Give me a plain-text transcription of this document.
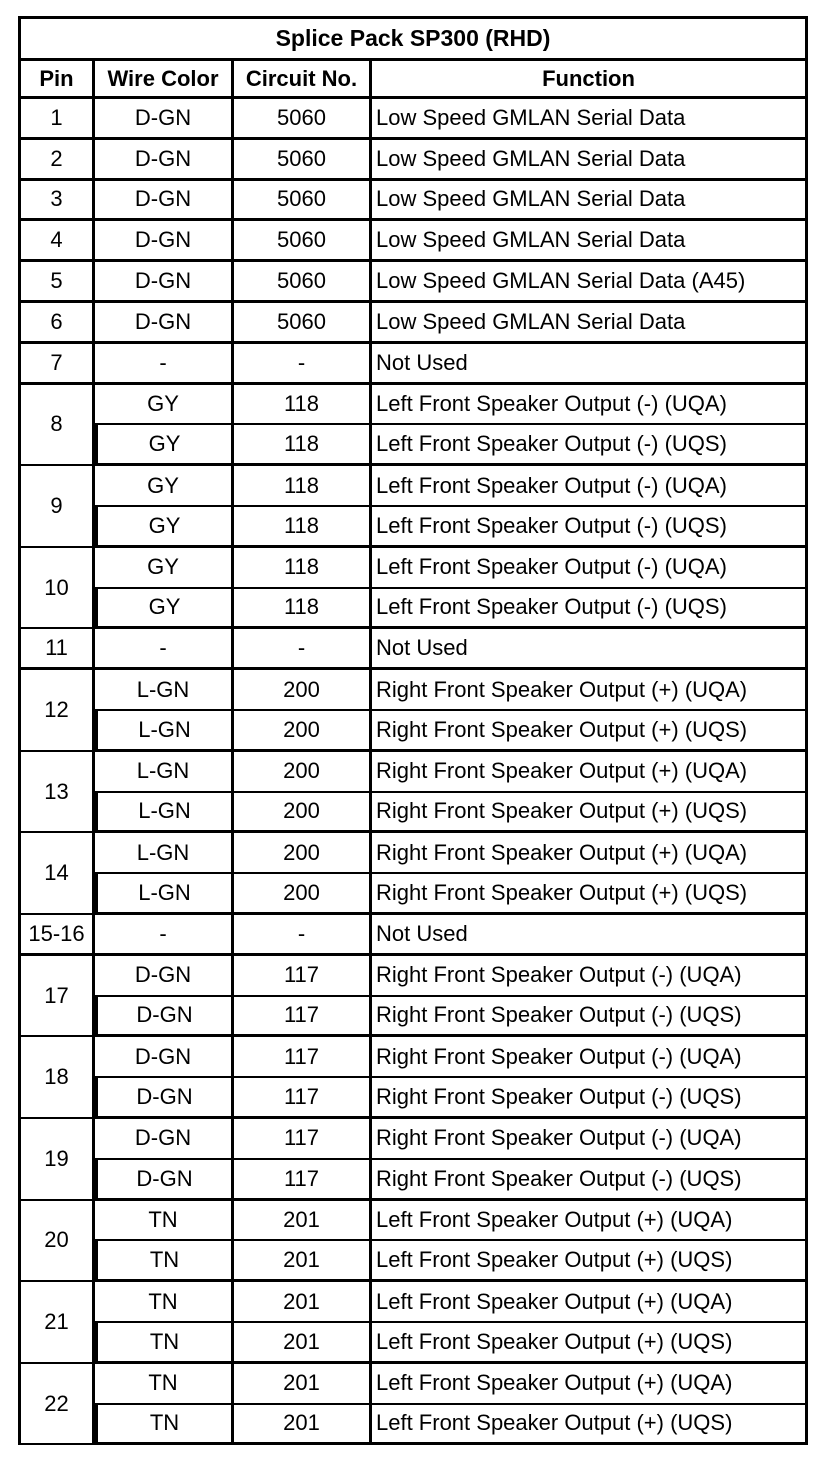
Splice Pack SP300 (RHD)			
Pin	Wire Color	Circuit No.	Function
1	D-GN	5060	Low Speed GMLAN Serial Data
2	D-GN	5060	Low Speed GMLAN Serial Data
3	D-GN	5060	Low Speed GMLAN Serial Data
4	D-GN	5060	Low Speed GMLAN Serial Data
5	D-GN	5060	Low Speed GMLAN Serial Data (A45)
6	D-GN	5060	Low Speed GMLAN Serial Data
7	-	-	Not Used
8	GY	118	Left Front Speaker Output (-) (UQA)
	GY	118	Left Front Speaker Output (-) (UQS)
9	GY	118	Left Front Speaker Output (-) (UQA)
	GY	118	Left Front Speaker Output (-) (UQS)
10	GY	118	Left Front Speaker Output (-) (UQA)
	GY	118	Left Front Speaker Output (-) (UQS)
11	-	-	Not Used
12	L-GN	200	Right Front Speaker Output (+) (UQA)
	L-GN	200	Right Front Speaker Output (+) (UQS)
13	L-GN	200	Right Front Speaker Output (+) (UQA)
	L-GN	200	Right Front Speaker Output (+) (UQS)
14	L-GN	200	Right Front Speaker Output (+) (UQA)
	L-GN	200	Right Front Speaker Output (+) (UQS)
15-16	-	-	Not Used
17	D-GN	117	Right Front Speaker Output (-) (UQA)
	D-GN	117	Right Front Speaker Output (-) (UQS)
18	D-GN	117	Right Front Speaker Output (-) (UQA)
	D-GN	117	Right Front Speaker Output (-) (UQS)
19	D-GN	117	Right Front Speaker Output (-) (UQA)
	D-GN	117	Right Front Speaker Output (-) (UQS)
20	TN	201	Left Front Speaker Output (+) (UQA)
	TN	201	Left Front Speaker Output (+) (UQS)
21	TN	201	Left Front Speaker Output (+) (UQA)
	TN	201	Left Front Speaker Output (+) (UQS)
22	TN	201	Left Front Speaker Output (+) (UQA)
	TN	201	Left Front Speaker Output (+) (UQS)
